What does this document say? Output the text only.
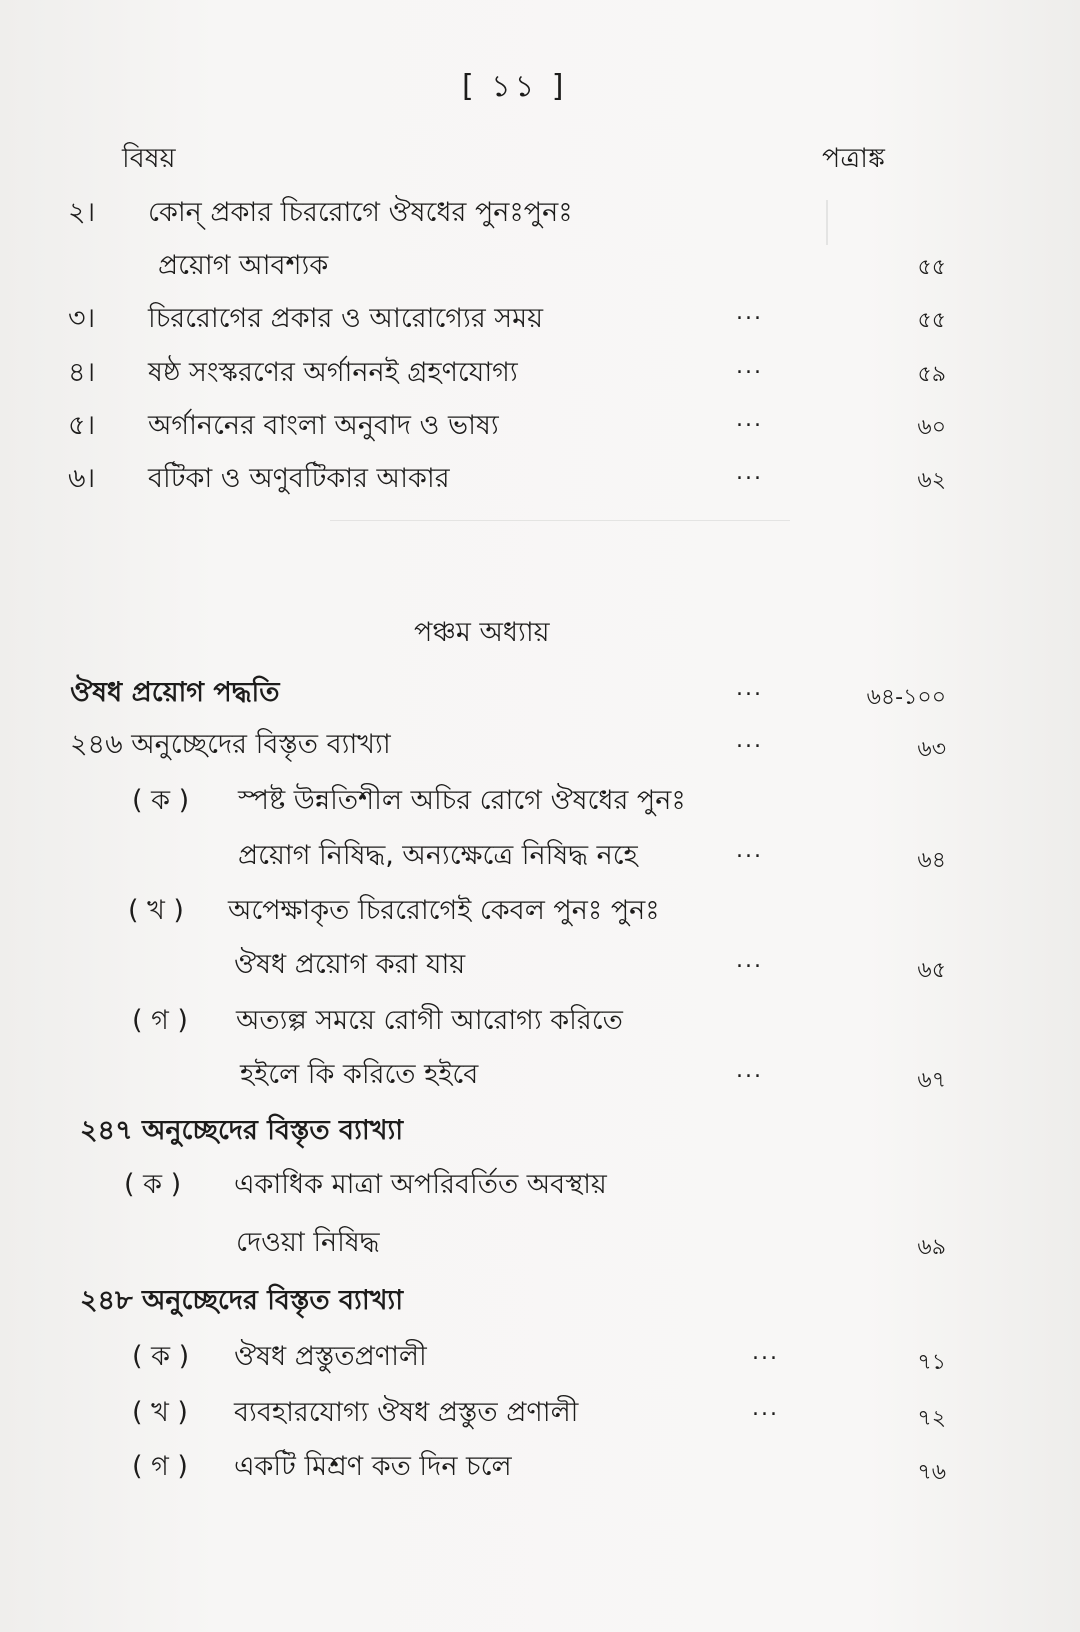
[ ১১ ]
বিষয়	পত্রাঙ্ক
২। কোন্ প্রকার চিররোগে ঔষধের পুনঃপুনঃ
প্রয়োগ আবশ্যক	৫৫
৩। চিররোগের প্রকার ও আরোগ্যের সময়	...	৫৫
৪। ষষ্ঠ সংস্করণের অর্গাননই গ্রহণযোগ্য	...	৫৯
৫। অর্গাননের বাংলা অনুবাদ ও ভাষ্য	...	৬০
৬। বটিকা ও অণুবটিকার আকার	...	৬২
পঞ্চম অধ্যায়
ঔষধ প্রয়োগ পদ্ধতি	...	৬৪-১০০
২৪৬ অনুচ্ছেদের বিস্তৃত ব্যাখ্যা	...	৬৩
( ক ) স্পষ্ট উন্নতিশীল অচির রোগে ঔষধের পুনঃ
প্রয়োগ নিষিদ্ধ, অন্যক্ষেত্রে নিষিদ্ধ নহে	...	৬৪
( খ ) অপেক্ষাকৃত চিররোগেই কেবল পুনঃ পুনঃ
ঔষধ প্রয়োগ করা যায়	...	৬৫
( গ ) অত্যল্প সময়ে রোগী আরোগ্য করিতে
হইলে কি করিতে হইবে	...	৬৭
২৪৭ অনুচ্ছেদের বিস্তৃত ব্যাখ্যা
( ক ) একাধিক মাত্রা অপরিবর্তিত অবস্থায়
দেওয়া নিষিদ্ধ	৬৯
২৪৮ অনুচ্ছেদের বিস্তৃত ব্যাখ্যা
( ক ) ঔষধ প্রস্তুতপ্রণালী	...	৭১
( খ ) ব্যবহারযোগ্য ঔষধ প্রস্তুত প্রণালী	...	৭২
( গ ) একটি মিশ্রণ কত দিন চলে	৭৬
